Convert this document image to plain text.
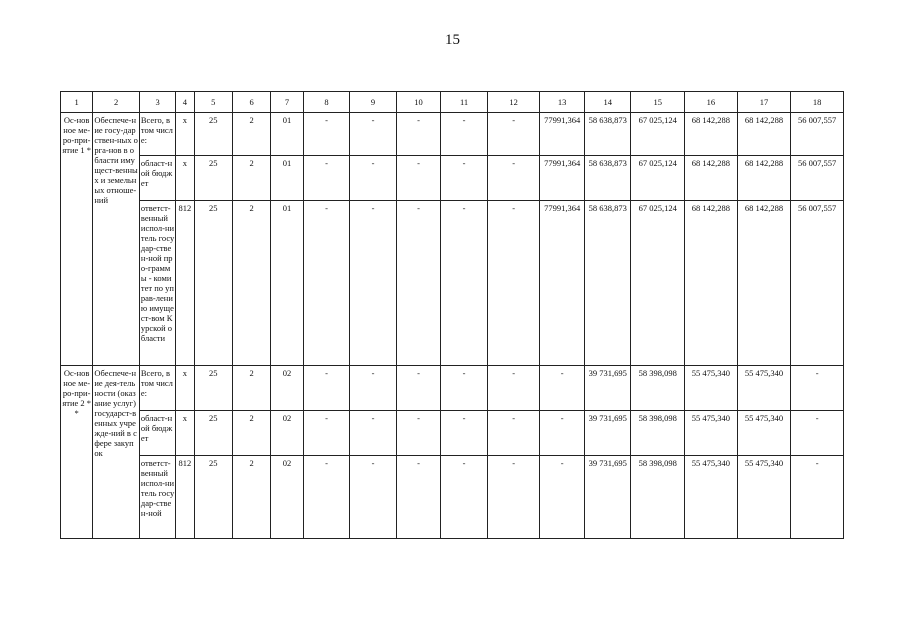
15
1	2	3	4	5	6	7	8	9	10	11	12	13	14	15	16	17	18
Ос-новное ме-ро-при-ятие 1 *	Обеспече-ние госу-дарствен-ных орга-нов в области имущест-венных и земельных отноше-ний	Всего, в том числе:	x	25	2	01	-	-	-	-	-	77991,364	58 638,873	67 025,124	68 142,288	68 142,288	56 007,557
		област-ной бюджет	x	25	2	01	-	-	-	-	-	77991,364	58 638,873	67 025,124	68 142,288	68 142,288	56 007,557
		ответст-венный испол-нитель государ-ствен-ной про-граммы - комитет по управ-лению имущест-вом Курской области	812	25	2	01	-	-	-	-	-	77991,364	58 638,873	67 025,124	68 142,288	68 142,288	56 007,557
Ос-новное ме-ро-при-ятие 2 **	Обеспече-ние дея-тельности (оказание услуг) государст-венных учрежде-ний в сфере закупок	Всего, в том числе:	x	25	2	02	-	-	-	-	-	-	39 731,695	58 398,098	55 475,340	55 475,340	-
		област-ной бюджет	x	25	2	02	-	-	-	-	-	-	39 731,695	58 398,098	55 475,340	55 475,340	-
		ответст-венный испол-нитель государ-ствен-ной	812	25	2	02	-	-	-	-	-	-	39 731,695	58 398,098	55 475,340	55 475,340	-
